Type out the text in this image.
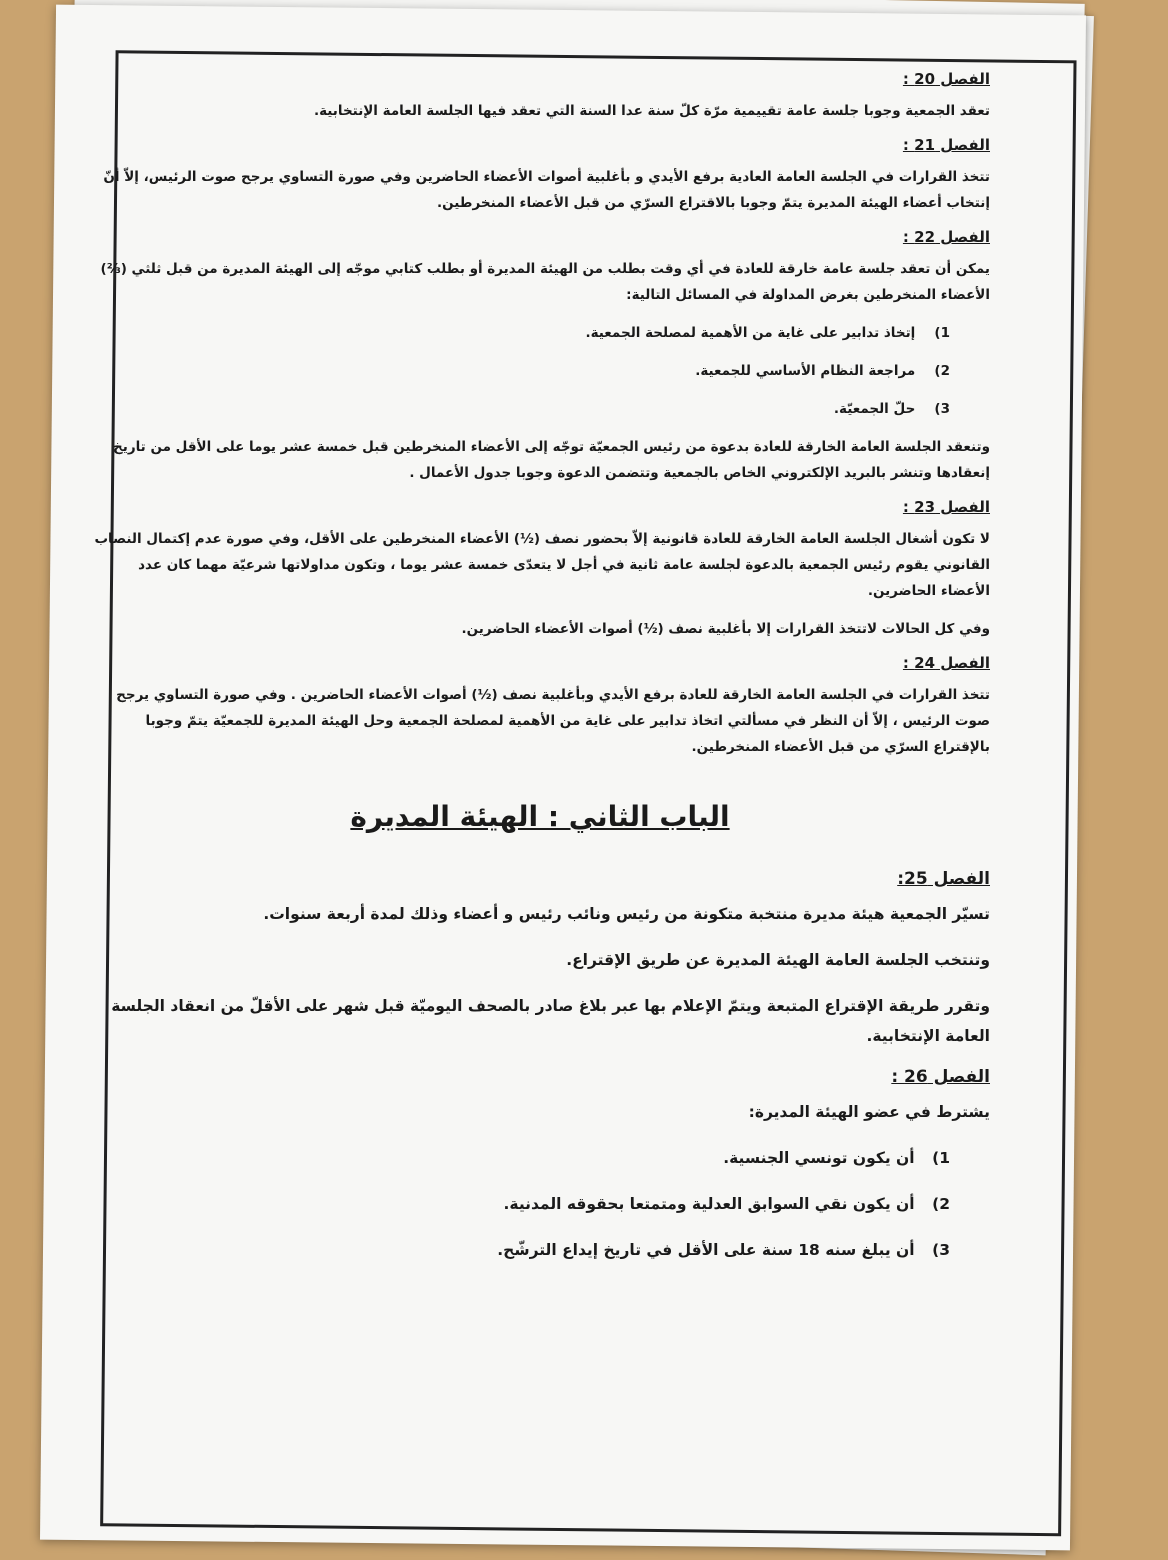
الفصل 20 :

تعقد الجمعية وجوبا جلسة عامة تقييمية مرّة كلّ سنة عدا السنة التي تعقد فيها الجلسة العامة الإنتخابية.

الفصل 21 :

تتخذ القرارات في الجلسة العامة العادية برفع الأيدي و بأغلبية أصوات الأعضاء الحاضرين وفي صورة التساوي يرجح صوت الرئيس، إلاّ أنّ إنتخاب أعضاء الهيئة المديرة يتمّ وجوبا بالاقتراع السرّي من قبل الأعضاء المنخرطين.

الفصل 22 :

يمكن أن تعقد جلسة عامة خارقة للعادة في أي وقت بطلب من الهيئة المديرة أو بطلب كتابي موجّه إلى الهيئة المديرة من قبل ثلثي (⅔) الأعضاء المنخرطين بغرض المداولة في المسائل التالية:

1) إتخاذ تدابير على غاية من الأهمية لمصلحة الجمعية.
2) مراجعة النظام الأساسي للجمعية.
3) حلّ الجمعيّة.

وتنعقد الجلسة العامة الخارقة للعادة بدعوة من رئيس الجمعيّة توجّه إلى الأعضاء المنخرطين قبل خمسة عشر يوما على الأقل من تاريخ إنعقادها وتنشر بالبريد الإلكتروني الخاص بالجمعية وتتضمن الدعوة وجوبا جدول الأعمال .

الفصل 23 :

لا تكون أشغال الجلسة العامة الخارقة للعادة قانونية إلاّ بحضور نصف (½) الأعضاء المنخرطين على الأقل، وفي صورة عدم إكتمال النصاب القانوني يقوم رئيس الجمعية بالدعوة لجلسة عامة ثانية في أجل لا يتعدّى خمسة عشر يوما ، وتكون مداولاتها شرعيّة مهما كان عدد الأعضاء الحاضرين.

وفي كل الحالات لاتتخذ القرارات إلا بأغلبية نصف (½) أصوات الأعضاء الحاضرين.

الفصل 24 :

تتخذ القرارات في الجلسة العامة الخارقة للعادة برفع الأيدي وبأغلبية نصف (½) أصوات الأعضاء الحاضرين . وفي صورة التساوي يرجح صوت الرئيس ، إلاّ أن النظر في مسألتي اتخاذ تدابير على غاية من الأهمية لمصلحة الجمعية وحل الهيئة المديرة للجمعيّة يتمّ وجوبا بالإقتراع السرّي من قبل الأعضاء المنخرطين.

الباب الثاني : الهيئة المديرة
الفصل 25:

تسيّر الجمعية هيئة مديرة منتخبة متكونة من رئيس ونائب رئيس و أعضاء وذلك لمدة أربعة سنوات.

وتنتخب الجلسة العامة الهيئة المديرة عن طريق الإقتراع.

وتقرر طريقة الإقتراع المتبعة ويتمّ الإعلام بها عبر بلاغ صادر بالصحف اليوميّة قبل شهر على الأقلّ من انعقاد الجلسة العامة الإنتخابية.

الفصل 26 :

يشترط في عضو الهيئة المديرة:

1) أن يكون تونسي الجنسية.
2) أن يكون نقي السوابق العدلية ومتمتعا بحقوقه المدنية.
3) أن يبلغ سنه 18 سنة على الأقل في تاريخ إيداع الترشّح.
